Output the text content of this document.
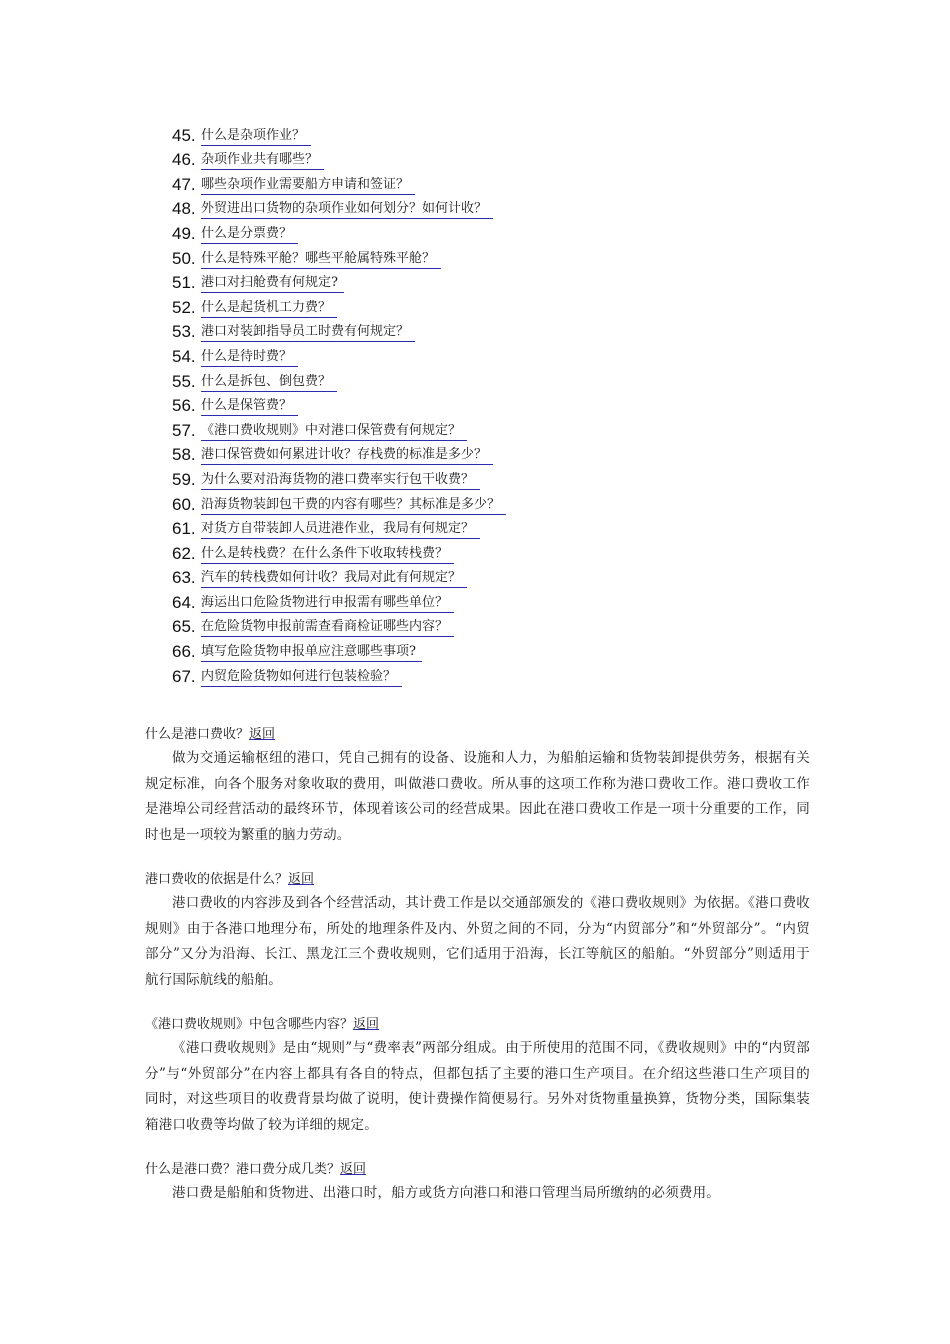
45. 什么是杂项作业？
46. 杂项作业共有哪些？
47. 哪些杂项作业需要船方申请和签证？
48. 外贸进出口货物的杂项作业如何划分？如何计收？
49. 什么是分票费？
50. 什么是特殊平舱？哪些平舱属特殊平舱？
51. 港口对扫舱费有何规定?
52. 什么是起货机工力费？
53. 港口对装卸指导员工时费有何规定？
54. 什么是待时费？
55. 什么是拆包、倒包费？
56. 什么是保管费？
57. 《港口费收规则》中对港口保管费有何规定？
58. 港口保管费如何累进计收？存栈费的标准是多少？
59. 为什么要对沿海货物的港口费率实行包干收费？
60. 沿海货物装卸包干费的内容有哪些？其标准是多少？
61. 对货方自带装卸人员进港作业，我局有何规定？
62. 什么是转栈费？在什么条件下收取转栈费？
63. 汽车的转栈费如何计收？我局对此有何规定？
64. 海运出口危险货物进行申报需有哪些单位？
65. 在危险货物申报前需查看商检证哪些内容？
66. 填写危险货物申报单应注意哪些事项?
67. 内贸危险货物如何进行包装检验？
什么是港口费收？返回

做为交通运输枢纽的港口，凭自己拥有的设备、设施和人力，为船舶运输和货物装卸提供劳务，根据有关规定标准，向各个服务对象收取的费用，叫做港口费收。所从事的这项工作称为港口费收工作。港口费收工作是港埠公司经营活动的最终环节，体现着该公司的经营成果。因此在港口费收工作是一项十分重要的工作，同时也是一项较为繁重的脑力劳动。

港口费收的依据是什么？返回

港口费收的内容涉及到各个经营活动，其计费工作是以交通部颁发的《港口费收规则》为依据。《港口费收规则》由于各港口地理分布，所处的地理条件及内、外贸之间的不同，分为“内贸部分”和“外贸部分”。“内贸部分”又分为沿海、长江、黑龙江三个费收规则，它们适用于沿海，长江等航区的船舶。“外贸部分”则适用于航行国际航线的船舶。

《港口费收规则》中包含哪些内容？返回

《港口费收规则》是由“规则”与“费率表”两部分组成。由于所使用的范围不同，《费收规则》中的“内贸部分”与“外贸部分”在内容上都具有各自的特点，但都包括了主要的港口生产项目。在介绍这些港口生产项目的同时，对这些项目的收费背景均做了说明，使计费操作简便易行。另外对货物重量换算，货物分类，国际集装箱港口收费等均做了较为详细的规定。

什么是港口费？港口费分成几类？返回

港口费是船舶和货物进、出港口时，船方或货方向港口和港口管理当局所缴纳的必须费用。
